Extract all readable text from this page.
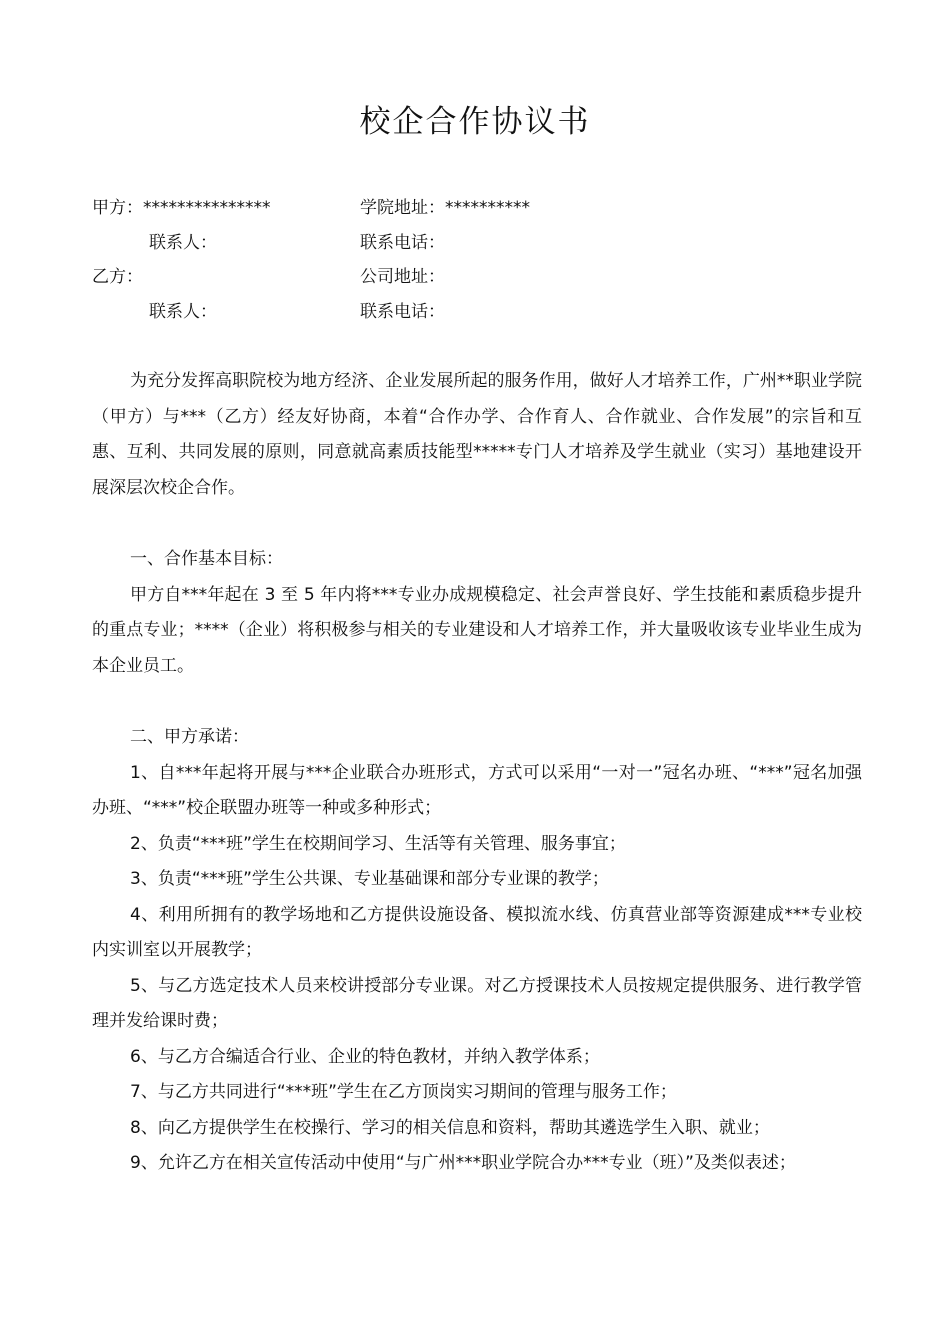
校企合作协议书
甲方：***************	学院地址：**********
联系人：	联系电话：
乙方：	公司地址：
联系人：	联系电话：

为充分发挥高职院校为地方经济、企业发展所起的服务作用，做好人才培养工作，广州**职业学院（甲方）与***（乙方）经友好协商，本着“合作办学、合作育人、合作就业、合作发展”的宗旨和互惠、互利、共同发展的原则，同意就高素质技能型*****专门人才培养及学生就业（实习）基地建设开展深层次校企合作。

一、合作基本目标：

甲方自***年起在 3 至 5 年内将***专业办成规模稳定、社会声誉良好、学生技能和素质稳步提升的重点专业；****（企业）将积极参与相关的专业建设和人才培养工作，并大量吸收该专业毕业生成为本企业员工。

二、甲方承诺：

1、自***年起将开展与***企业联合办班形式，方式可以采用“一对一”冠名办班、“***”冠名加强办班、“***”校企联盟办班等一种或多种形式；

2、负责“***班”学生在校期间学习、生活等有关管理、服务事宜；

3、负责“***班”学生公共课、专业基础课和部分专业课的教学；

4、利用所拥有的教学场地和乙方提供设施设备、模拟流水线、仿真营业部等资源建成***专业校内实训室以开展教学；

5、与乙方选定技术人员来校讲授部分专业课。对乙方授课技术人员按规定提供服务、进行教学管理并发给课时费；

6、与乙方合编适合行业、企业的特色教材，并纳入教学体系；

7、与乙方共同进行“***班”学生在乙方顶岗实习期间的管理与服务工作；

8、向乙方提供学生在校操行、学习的相关信息和资料，帮助其遴选学生入职、就业；

9、允许乙方在相关宣传活动中使用“与广州***职业学院合办***专业（班）”及类似表述；
